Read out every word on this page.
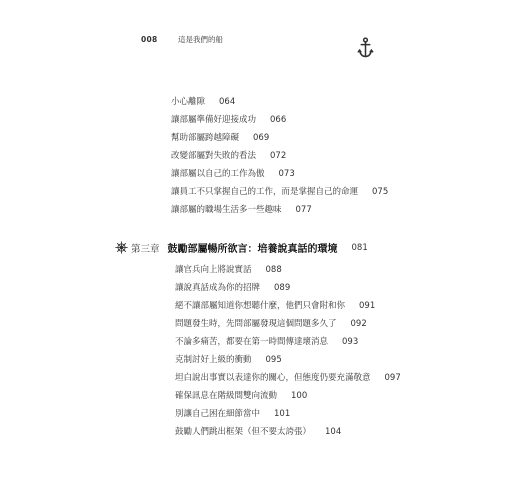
008	這是我們的船
小心離隙 064
讓部屬準備好迎接成功 066
幫助部屬跨越障礙 069
改變部屬對失敗的看法 072
讓部屬以自己的工作為傲 073
讓員工不只掌握自己的工作，而是掌握自己的命運 075
讓部屬的職場生活多一些趣味 077
第三章 鼓勵部屬暢所欲言：培養說真話的環境 081
讓官兵向上將說實話 088
讓說真話成為你的招牌 089
絕不讓部屬知道你想聽什麼，他們只會附和你 091
問題發生時，先問部屬發現這個問題多久了 092
不論多痛苦，都要在第一時間傳達壞消息 093
克制討好上級的衝動 095
坦白說出事實以表達你的關心，但態度仍要充滿敬意 097
確保訊息在階級間雙向流動 100
別讓自己困在細節當中 101
鼓勵人們跳出框架（但不要太誇張） 104
